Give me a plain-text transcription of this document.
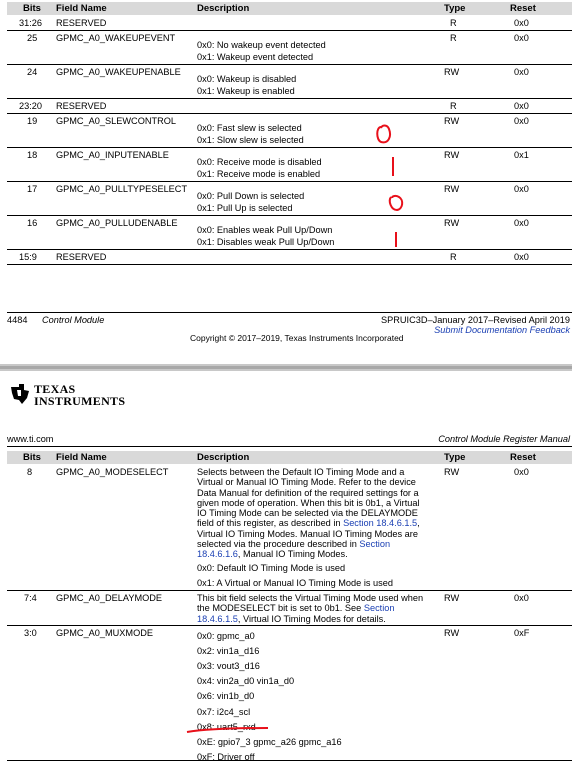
Bits Field Name	Description	Type	Reset
31:26 RESERVED	R	0x0
25 GPMC_A0_WAKEUPEVENT	R	0x0
0x0: No wakeup event detected
0x1: Wakeup event detected
24 GPMC_A0_WAKEUPENABLE	RW	0x0
0x0: Wakeup is disabled
0x1: Wakeup is enabled
23:20 RESERVED	R	0x0
19 GPMC_A0_SLEWCONTROL	RW	0x0
0x0: Fast slew is selected
0x1: Slow slew is selected
18 GPMC_A0_INPUTENABLE	RW	0x1
0x0: Receive mode is disabled
0x1: Receive mode is enabled
17 GPMC_A0_PULLTYPESELECT	RW	0x0
0x0: Pull Down is selected
0x1: Pull Up is selected
16 GPMC_A0_PULLUDENABLE	RW	0x0
0x0: Enables weak Pull Up/Down
0x1: Disables weak Pull Up/Down
15:9 RESERVED	R	0x0
4484 Control Module	SPRUIC3D–January 2017–Revised April 2019
Submit Documentation Feedback
Copyright © 2017–2019, Texas Instruments Incorporated
TEXAS
INSTRUMENTS
www.ti.com	Control Module Register Manual
Bits Field Name	Description	Type	Reset
8	GPMC_A0_MODESELECT	RW	0x0
Selects between the Default IO Timing Mode and a Virtual or Manual IO Timing Mode. Refer to the device Data Manual for definition of the required settings for a given mode of operation. When this bit is 0b1, a Virtual IO Timing Mode can be selected via the DELAYMODE field of this register, as described in Section 18.4.6.1.5, Virtual IO Timing Modes. Manual IO Timing Modes are selected via the procedure described in Section 18.4.6.1.6, Manual IO Timing Modes.
0x0: Default IO Timing Mode is used
0x1: A Virtual or Manual IO Timing Mode is used
7:4 GPMC_A0_DELAYMODE	RW	0x0
This bit field selects the Virtual Timing Mode used when the MODESELECT bit is set to 0b1. See Section 18.4.6.1.5, Virtual IO Timing Modes for details.
3:0 GPMC_A0_MUXMODE	RW	0xF
0x0: gpmc_a0
0x2: vin1a_d16
0x3: vout3_d16
0x4: vin2a_d0 vin1a_d0
0x6: vin1b_d0
0x7: i2c4_scl
0x8: uart5_rxd
0xE: gpio7_3 gpmc_a26 gpmc_a16
0xF: Driver off
